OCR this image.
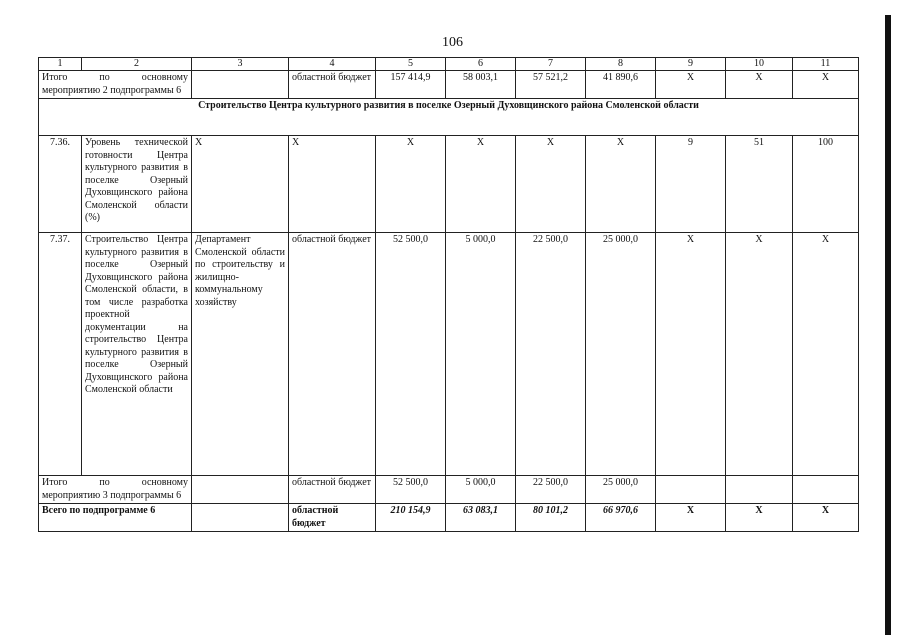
106
1	2	3	4	5	6	7	8	9	10	11
Итого по основному мероприятию 2 подпрограммы 6			областной бюджет	157 414,9	58 003,1	57 521,2	41 890,6	X	X	X
Строительство Центра культурного развития в поселке Озерный Духовщинского района Смоленской области										
7.36.	Уровень технической готовности Центра культурного развития в поселке Озерный Духовщинского района Смоленской области (%)	X	X	X	X	X	X	9	51	100
7.37.	Строительство Центра культурного развития в поселке Озерный Духовщинского района Смоленской области, в том числе разработка проектной документации на строительство Центра культурного развития в поселке Озерный Духовщинского района Смоленской области	Департамент Смоленской области по строительству и жилищно-коммунальному хозяйству	областной бюджет	52 500,0	5 000,0	22 500,0	25 000,0	X	X	X
Итого по основному мероприятию 3 подпрограммы 6			областной бюджет	52 500,0	5 000,0	22 500,0	25 000,0			
Всего по подпрограмме 6			областной бюджет	210 154,9	63 083,1	80 101,2	66 970,6	X	X	X
